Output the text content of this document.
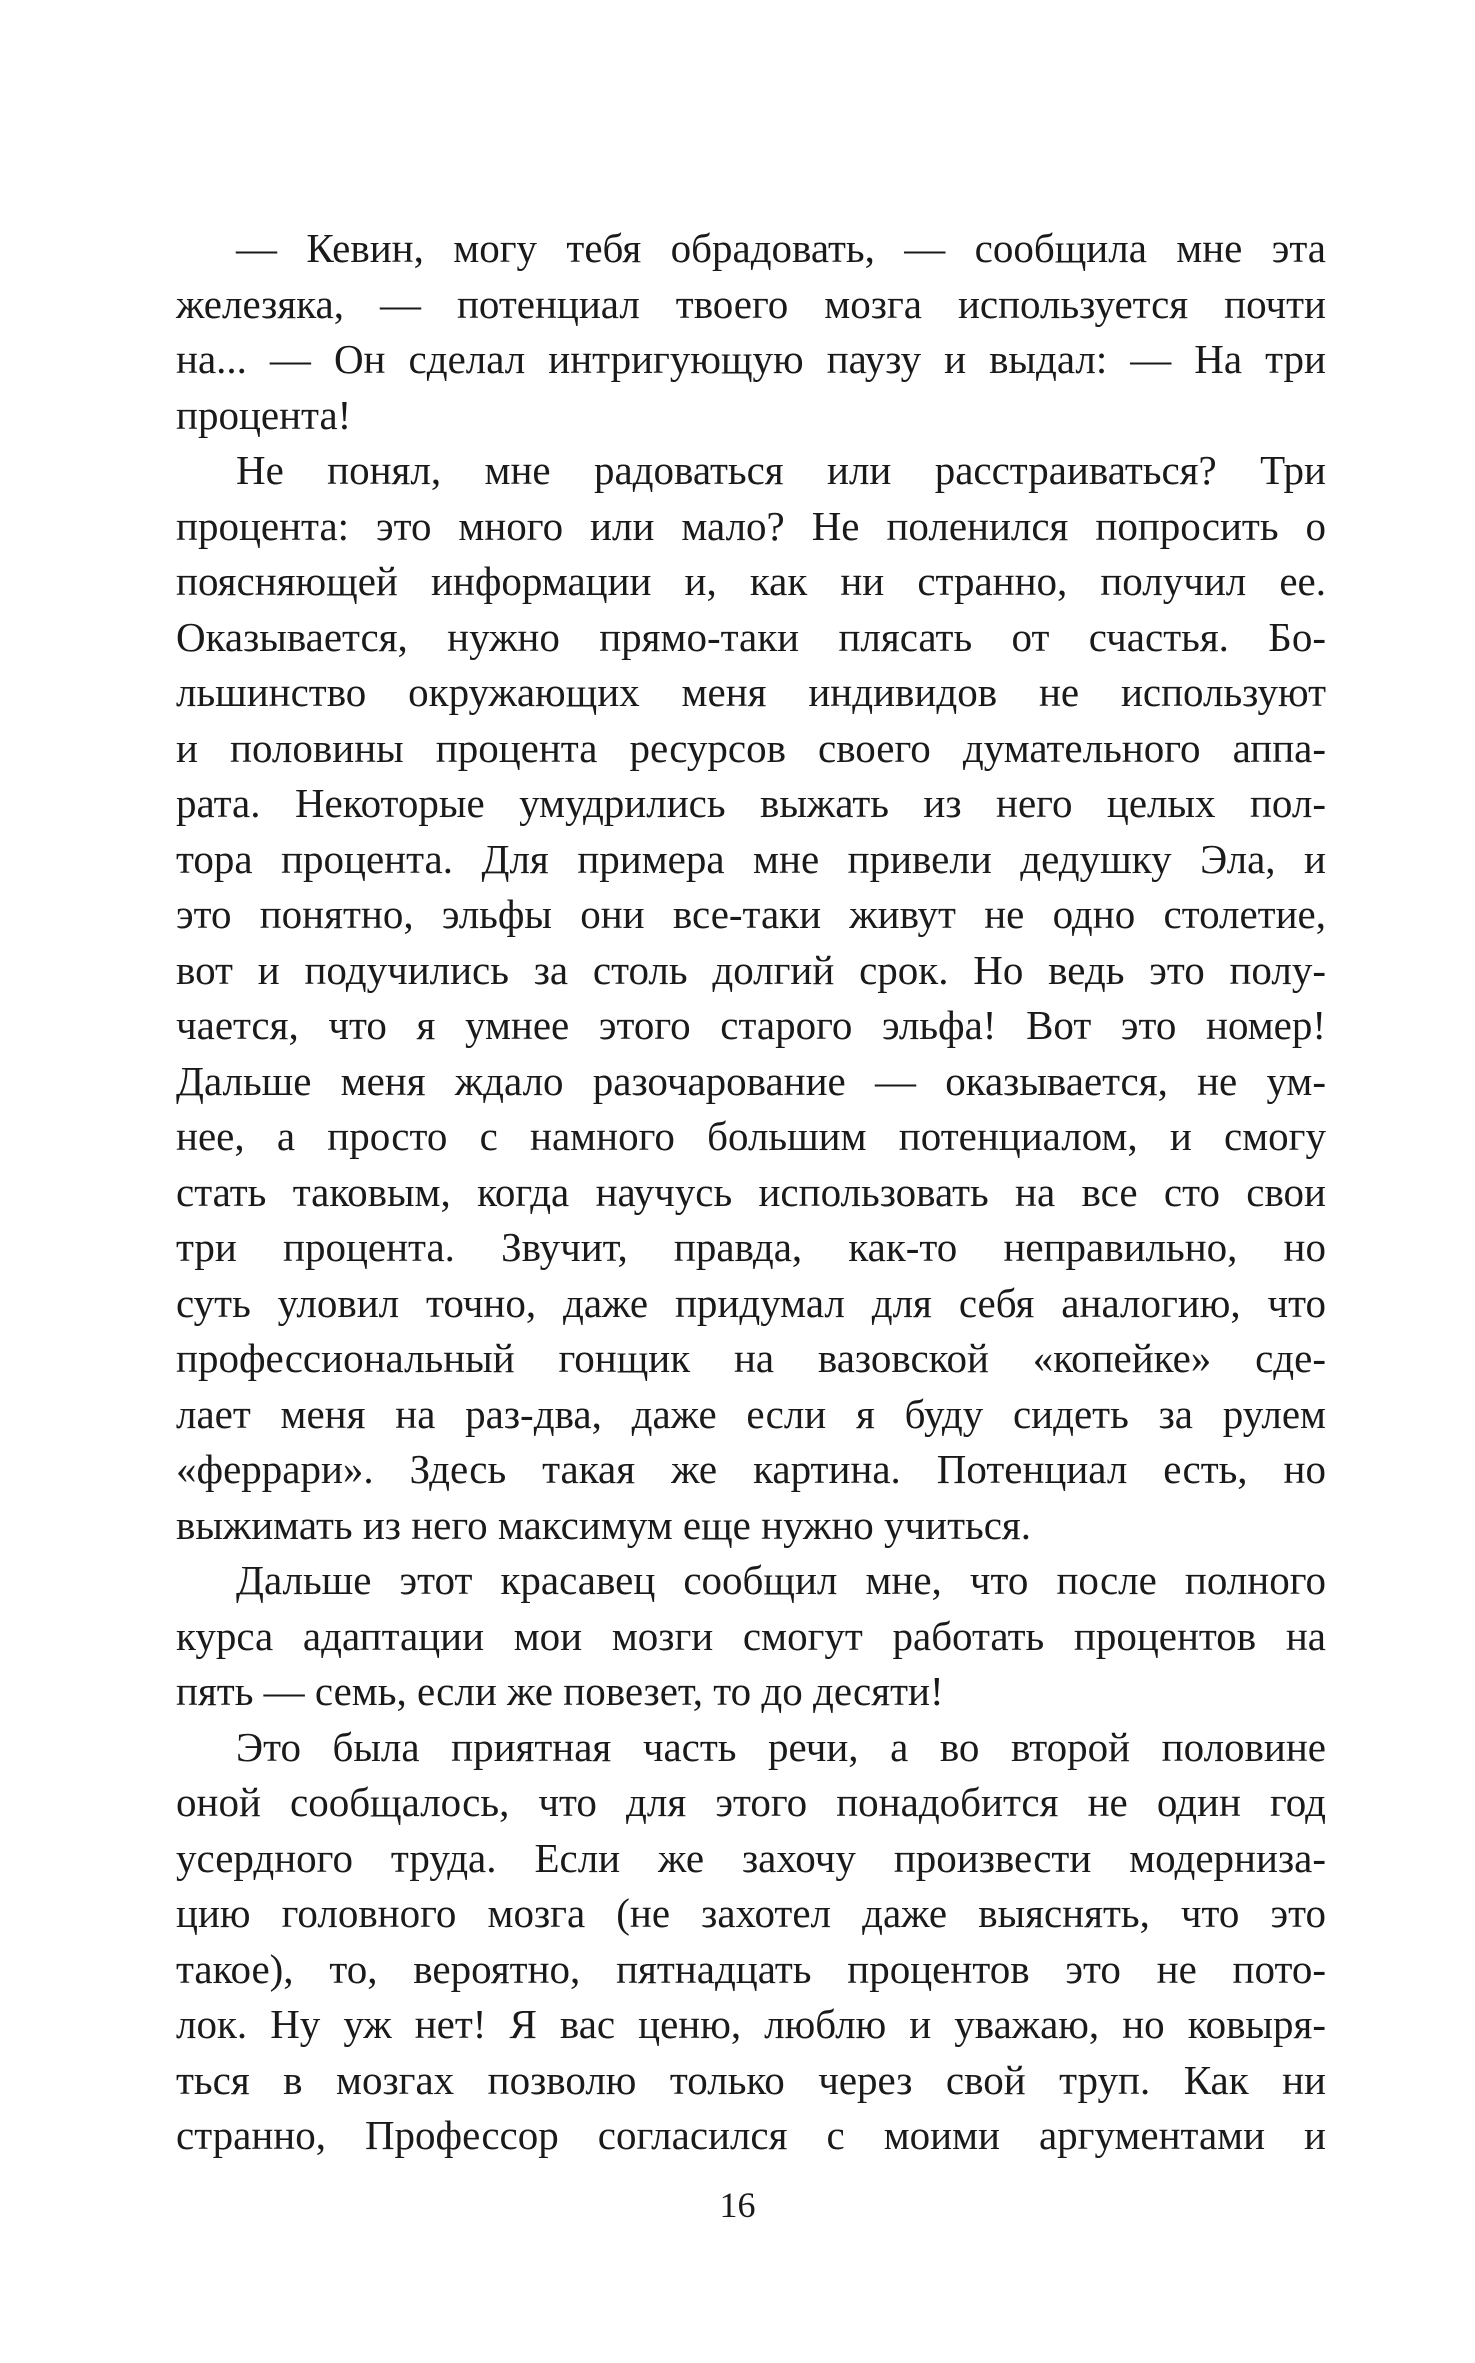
— Кевин, могу тебя обрадовать, — сообщила мне эта
железяка, — потенциал твоего мозга используется почти
на... — Он сделал интригующую паузу и выдал: — На три
процента!
Не понял, мне радоваться или расстраиваться? Три
процента: это много или мало? Не поленился попросить о
поясняющей информации и, как ни странно, получил ее.
Оказывается, нужно прямо-таки плясать от счастья. Бо-
льшинство окружающих меня индивидов не используют
и половины процента ресурсов своего думательного аппа-
рата. Некоторые умудрились выжать из него целых пол-
тора процента. Для примера мне привели дедушку Эла, и
это понятно, эльфы они все-таки живут не одно столетие,
вот и подучились за столь долгий срок. Но ведь это полу-
чается, что я умнее этого старого эльфа! Вот это номер!
Дальше меня ждало разочарование — оказывается, не ум-
нее, а просто с намного большим потенциалом, и смогу
стать таковым, когда научусь использовать на все сто свои
три процента. Звучит, правда, как-то неправильно, но
суть уловил точно, даже придумал для себя аналогию, что
профессиональный гонщик на вазовской «копейке» сде-
лает меня на раз-два, даже если я буду сидеть за рулем
«феррари». Здесь такая же картина. Потенциал есть, но
выжимать из него максимум еще нужно учиться.
Дальше этот красавец сообщил мне, что после полного
курса адаптации мои мозги смогут работать процентов на
пять — семь, если же повезет, то до десяти!
Это была приятная часть речи, а во второй половине
оной сообщалось, что для этого понадобится не один год
усердного труда. Если же захочу произвести модерниза-
цию головного мозга (не захотел даже выяснять, что это
такое), то, вероятно, пятнадцать процентов это не пото-
лок. Ну уж нет! Я вас ценю, люблю и уважаю, но ковыря-
ться в мозгах позволю только через свой труп. Как ни
странно, Профессор согласился с моими аргументами и
16
